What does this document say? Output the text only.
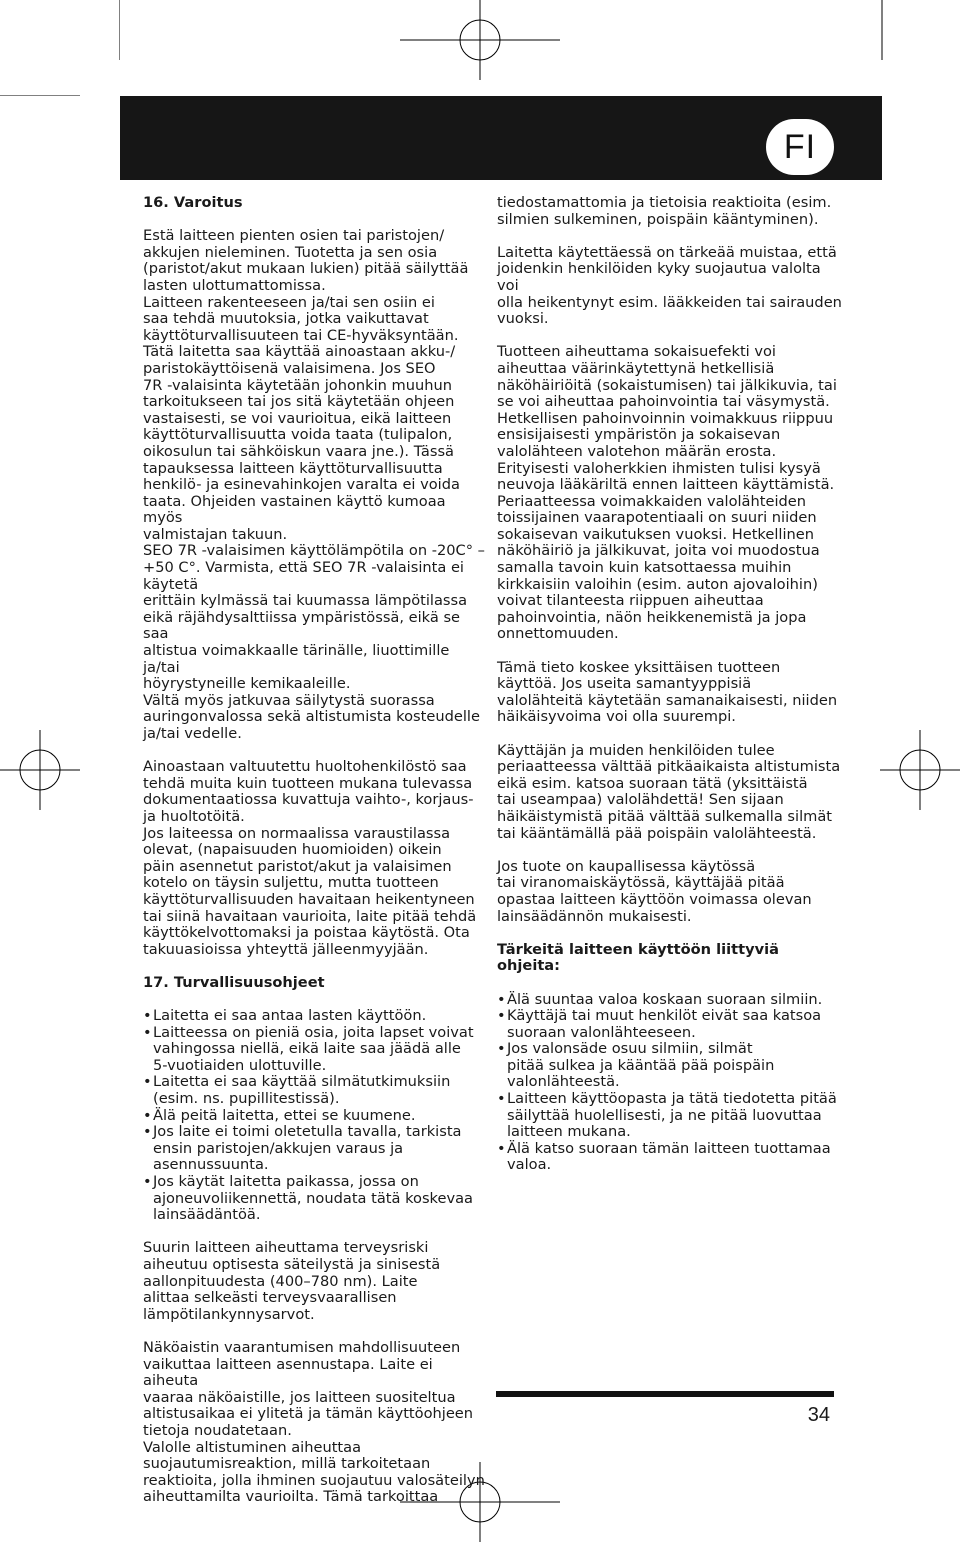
FI

16. Varoitus

Estä laitteen pienten osien tai paristojen/
akkujen nieleminen. Tuotetta ja sen osia
(paristot/akut mukaan lukien) pitää säilyttää
lasten ulottumattomissa.
Laitteen rakenteeseen ja/tai sen osiin ei
saa tehdä muutoksia, jotka vaikuttavat
käyttöturvallisuuteen tai CE-hyväksyntään.
Tätä laitetta saa käyttää ainoastaan akku-/
paristokäyttöisenä valaisimena. Jos SEO
7R -valaisinta käytetään johonkin muuhun
tarkoitukseen tai jos sitä käytetään ohjeen
vastaisesti, se voi vaurioitua, eikä laitteen
käyttöturvallisuutta voida taata (tulipalon,
oikosulun tai sähköiskun vaara jne.). Tässä
tapauksessa laitteen käyttöturvallisuutta
henkilö- ja esinevahinkojen varalta ei voida
taata. Ohjeiden vastainen käyttö kumoaa myös
valmistajan takuun.
SEO 7R -valaisimen käyttölämpötila on -20C° –
+50 C°. Varmista, että SEO 7R -valaisinta ei käytetä
erittäin kylmässä tai kuumassa lämpötilassa
eikä räjähdysalttiissa ympäristössä, eikä se saa
altistua voimakkaalle tärinälle, liuottimille ja/tai
höyrystyneille kemikaaleille.
Vältä myös jatkuvaa säilytystä suorassa
auringonvalossa sekä altistumista kosteudelle
ja/tai vedelle.

Ainoastaan valtuutettu huoltohenkilöstö saa
tehdä muita kuin tuotteen mukana tulevassa
dokumentaatiossa kuvattuja vaihto-, korjaus-
ja huoltotöitä.
Jos laiteessa on normaalissa varaustilassa
olevat, (napaisuuden huomioiden) oikein
päin asennetut paristot/akut ja valaisimen
kotelo on täysin suljettu, mutta tuotteen
käyttöturvallisuuden havaitaan heikentyneen
tai siinä havaitaan vaurioita, laite pitää tehdä
käyttökelvottomaksi ja poistaa käytöstä. Ota
takuuasioissa yhteyttä jälleenmyyjään.

17. Turvallisuusohjeet

• Laitetta ei saa antaa lasten käyttöön.
• Laitteessa on pieniä osia, joita lapset voivat
vahingossa niellä, eikä laite saa jäädä alle
5-vuotiaiden ulottuville.
• Laitetta ei saa käyttää silmätutkimuksiin
(esim. ns. pupillitestissä).
• Älä peitä laitetta, ettei se kuumene.
• Jos laite ei toimi oletetulla tavalla, tarkista
ensin paristojen/akkujen varaus ja
asennussuunta.
• Jos käytät laitetta paikassa, jossa on
ajoneuvoliikennettä, noudata tätä koskevaa
lainsäädäntöä.

Suurin laitteen aiheuttama terveysriski
aiheutuu optisesta säteilystä ja sinisestä
aallonpituudesta (400–780 nm). Laite
alittaa selkeästi terveysvaarallisen
lämpötilankynnysarvot.

Näköaistin vaarantumisen mahdollisuuteen
vaikuttaa laitteen asennustapa. Laite ei aiheuta
vaaraa näköaistille, jos laitteen suositeltua
altistusaikaa ei ylitetä ja tämän käyttöohjeen
tietoja noudatetaan.
Valolle altistuminen aiheuttaa
suojautumisreaktion, millä tarkoitetaan
reaktioita, jolla ihminen suojautuu valosäteilyn
aiheuttamilta vaurioilta. Tämä tarkoittaa

tiedostamattomia ja tietoisia reaktioita (esim.
silmien sulkeminen, poispäin kääntyminen).

Laitetta käytettäessä on tärkeää muistaa, että
joidenkin henkilöiden kyky suojautua valolta voi
olla heikentynyt esim. lääkkeiden tai sairauden
vuoksi.

Tuotteen aiheuttama sokaisuefekti voi
aiheuttaa väärinkäytettynä hetkellisiä
näköhäiriöitä (sokaistumisen) tai jälkikuvia, tai
se voi aiheuttaa pahoinvointia tai väsymystä.
Hetkellisen pahoinvoinnin voimakkuus riippuu
ensisijaisesti ympäristön ja sokaisevan
valolähteen valotehon määrän erosta.
Erityisesti valoherkkien ihmisten tulisi kysyä
neuvoja lääkäriltä ennen laitteen käyttämistä.
Periaatteessa voimakkaiden valolähteiden
toissijainen vaarapotentiaali on suuri niiden
sokaisevan vaikutuksen vuoksi. Hetkellinen
näköhäiriö ja jälkikuvat, joita voi muodostua
samalla tavoin kuin katsottaessa muihin
kirkkaisiin valoihin (esim. auton ajovaloihin)
voivat tilanteesta riippuen aiheuttaa
pahoinvointia, näön heikkenemistä ja jopa
onnettomuuden.

Tämä tieto koskee yksittäisen tuotteen
käyttöä. Jos useita samantyyppisiä
valolähteitä käytetään samanaikaisesti, niiden
häikäisyvoima voi olla suurempi.

Käyttäjän ja muiden henkilöiden tulee
periaatteessa välttää pitkäaikaista altistumista
eikä esim. katsoa suoraan tätä (yksittäistä
tai useampaa) valolähdettä! Sen sijaan
häikäistymistä pitää välttää sulkemalla silmät
tai kääntämällä pää poispäin valolähteestä.

Jos tuote on kaupallisessa käytössä
tai viranomaiskäytössä, käyttäjää pitää
opastaa laitteen käyttöön voimassa olevan
lainsäädännön mukaisesti.

Tärkeitä laitteen käyttöön liittyviä ohjeita:

• Älä suuntaa valoa koskaan suoraan silmiin.
• Käyttäjä tai muut henkilöt eivät saa katsoa
suoraan valonlähteeseen.
• Jos valonsäde osuu silmiin, silmät
pitää sulkea ja kääntää pää poispäin
valonlähteestä.
• Laitteen käyttöopasta ja tätä tiedotetta pitää
säilyttää huolellisesti, ja ne pitää luovuttaa
laitteen mukana.
• Älä katso suoraan tämän laitteen tuottamaa
valoa.
34
